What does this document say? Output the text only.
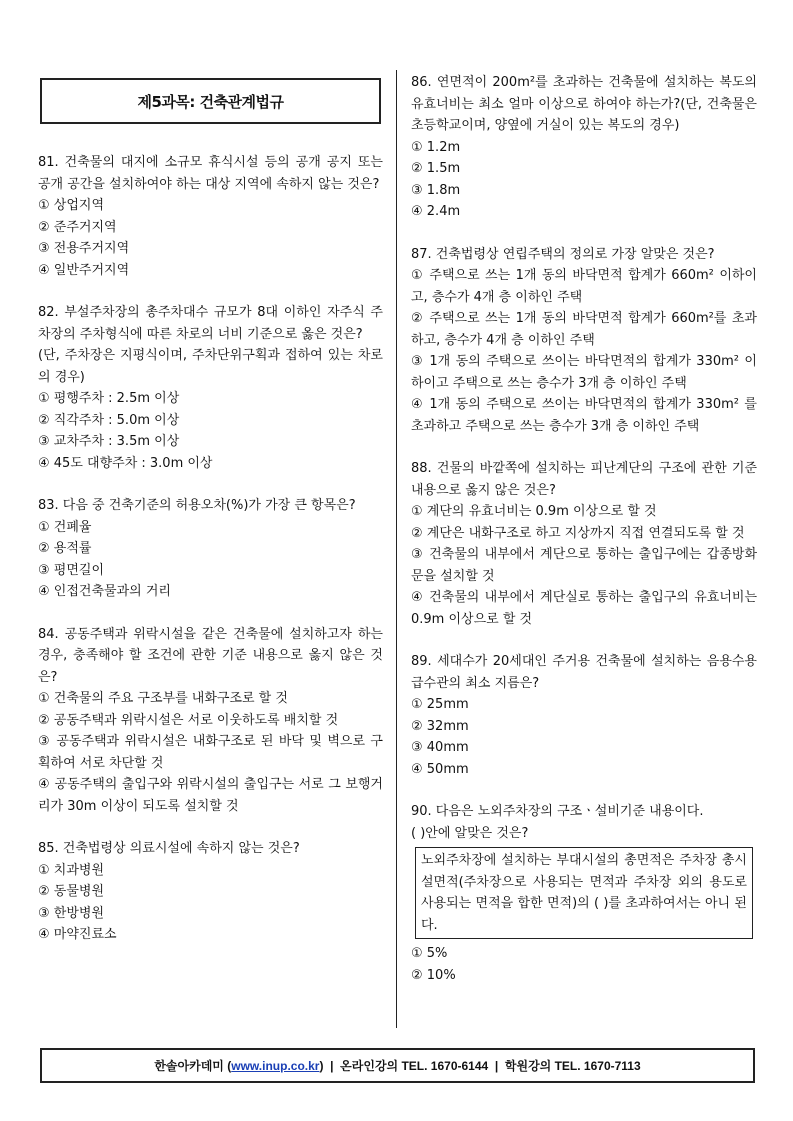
제5과목: 건축관계법규

81. 건축물의 대지에 소규모 휴식시설 등의 공개 공지 또는 공개 공간을 설치하여야 하는 대상 지역에 속하지 않는 것은?

① 상업지역

② 준주거지역

③ 전용주거지역

④ 일반주거지역

82. 부설주차장의 총주차대수 규모가 8대 이하인 자주식 주차장의 주차형식에 따른 차로의 너비 기준으로 옳은 것은?

(단, 주차장은 지평식이며, 주차단위구획과 접하여 있는 차로의 경우)

① 평행주차 : 2.5m 이상

② 직각주차 : 5.0m 이상

③ 교차주차 : 3.5m 이상

④ 45도 대향주차 : 3.0m 이상

83. 다음 중 건축기준의 허용오차(%)가 가장 큰 항목은?

① 건폐율

② 용적률

③ 평면길이

④ 인접건축물과의 거리

84. 공동주택과 위락시설을 같은 건축물에 설치하고자 하는 경우, 충족해야 할 조건에 관한 기준 내용으로 옳지 않은 것은?

① 건축물의 주요 구조부를 내화구조로 할 것

② 공동주택과 위락시설은 서로 이웃하도록 배치할 것

③ 공동주택과 위락시설은 내화구조로 된 바닥 및 벽으로 구획하여 서로 차단할 것

④ 공동주택의 출입구와 위락시설의 출입구는 서로 그 보행거리가 30m 이상이 되도록 설치할 것

85. 건축법령상 의료시설에 속하지 않는 것은?

① 치과병원

② 동물병원

③ 한방병원

④ 마약진료소

86. 연면적이 200m²를 초과하는 건축물에 설치하는 복도의 유효너비는 최소 얼마 이상으로 하여야 하는가?(단, 건축물은 초등학교이며, 양옆에 거실이 있는 복도의 경우)

① 1.2m

② 1.5m

③ 1.8m

④ 2.4m

87. 건축법령상 연립주택의 정의로 가장 알맞은 것은?

① 주택으로 쓰는 1개 동의 바닥면적 합계가 660m² 이하이고, 층수가 4개 층 이하인 주택

② 주택으로 쓰는 1개 동의 바닥면적 합계가 660m²를 초과하고, 층수가 4개 층 이하인 주택

③ 1개 동의 주택으로 쓰이는 바닥면적의 합계가 330m² 이하이고 주택으로 쓰는 층수가 3개 층 이하인 주택

④ 1개 동의 주택으로 쓰이는 바닥면적의 합계가 330m² 를 초과하고 주택으로 쓰는 층수가 3개 층 이하인 주택

88. 건물의 바깥쪽에 설치하는 피난계단의 구조에 관한 기준 내용으로 옳지 않은 것은?

① 계단의 유효너비는 0.9m 이상으로 할 것

② 계단은 내화구조로 하고 지상까지 직접 연결되도록 할 것

③ 건축물의 내부에서 계단으로 통하는 출입구에는 갑종방화문을 설치할 것

④ 건축물의 내부에서 계단실로 통하는 출입구의 유효너비는 0.9m 이상으로 할 것

89. 세대수가 20세대인 주거용 건축물에 설치하는 음용수용 급수관의 최소 지름은?

① 25mm

② 32mm

③ 40mm

④ 50mm

90. 다음은 노외주차장의 구조ㆍ설비기준 내용이다.

( )안에 알맞은 것은?

노외주차장에 설치하는 부대시설의 총면적은 주차장 총시설면적(주차장으로 사용되는 면적과 주차장 외의 용도로 사용되는 면적을 합한 면적)의 ( )를 초과하여서는 아니 된다.

① 5%

② 10%

한솔아카데미 ( www.inup.co.kr )
|
온라인강의 TEL. 1670-6144
|
학원강의 TEL. 1670-7113
